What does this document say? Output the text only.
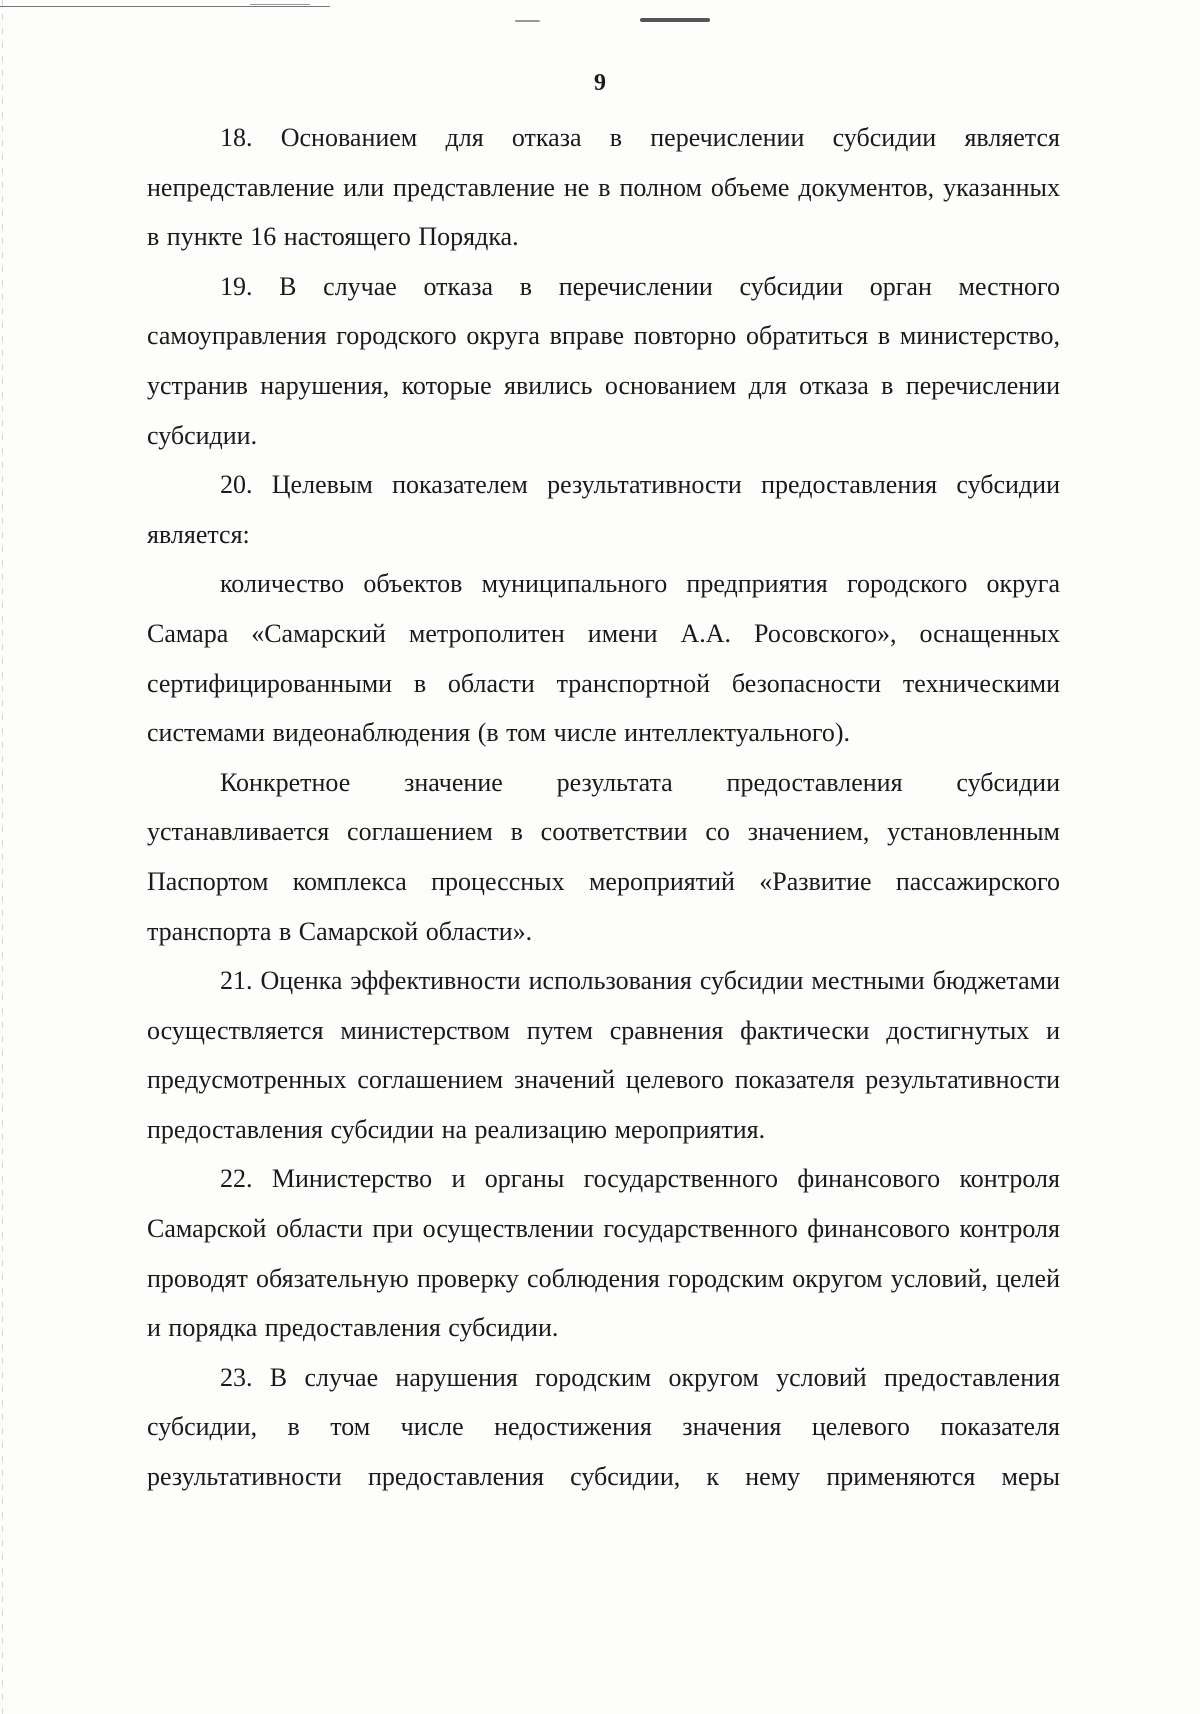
9

18. Основанием для отказа в перечислении субсидии является непредставление или представление не в полном объеме документов, указанных в пункте 16 настоящего Порядка.

19. В случае отказа в перечислении субсидии орган местного самоуправления городского округа вправе повторно обратиться в министерство, устранив нарушения, которые явились основанием для отказа в перечислении субсидии.

20. Целевым показателем результативности предоставления субсидии является:

количество объектов муниципального предприятия городского округа Самара «Самарский метрополитен имени А.А. Росовского», оснащенных сертифицированными в области транспортной безопасности техническими системами видеонаблюдения (в том числе интеллектуального).

Конкретное значение результата предоставления субсидии устанавливается соглашением в соответствии со значением, установленным Паспортом комплекса процессных мероприятий «Развитие пассажирского транспорта в Самарской области».

21. Оценка эффективности использования субсидии местными бюджетами осуществляется министерством путем сравнения фактически достигнутых и предусмотренных соглашением значений целевого показателя результативности предоставления субсидии на реализацию мероприятия.

22. Министерство и органы государственного финансового контроля Самарской области при осуществлении государственного финансового контроля проводят обязательную проверку соблюдения городским округом условий, целей и порядка предоставления субсидии.

23. В случае нарушения городским округом условий предоставления субсидии, в том числе недостижения значения целевого показателя результативности предоставления субсидии, к нему применяются меры
